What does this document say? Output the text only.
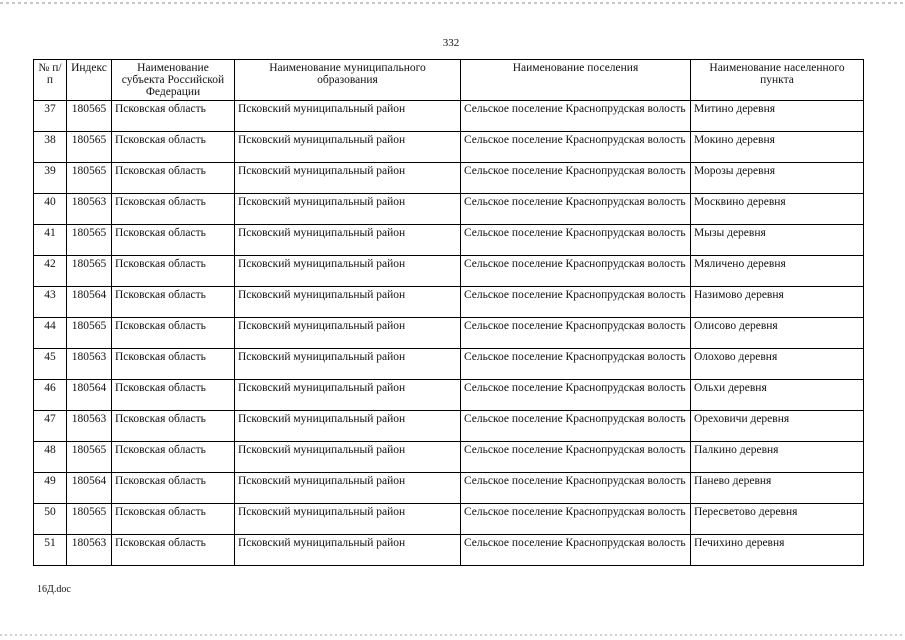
332
№ п/п	Индекс	Наименование субъекта Российской Федерации	Наименование муниципального образования	Наименование поселения	Наименование населенного пункта
37	180565	Псковская область	Псковский муниципальный район	Сельское поселение Краснопрудская волость	Митино деревня
38	180565	Псковская область	Псковский муниципальный район	Сельское поселение Краснопрудская волость	Мокино деревня
39	180565	Псковская область	Псковский муниципальный район	Сельское поселение Краснопрудская волость	Морозы деревня
40	180563	Псковская область	Псковский муниципальный район	Сельское поселение Краснопрудская волость	Москвино деревня
41	180565	Псковская область	Псковский муниципальный район	Сельское поселение Краснопрудская волость	Мызы деревня
42	180565	Псковская область	Псковский муниципальный район	Сельское поселение Краснопрудская волость	Мяличено деревня
43	180564	Псковская область	Псковский муниципальный район	Сельское поселение Краснопрудская волость	Назимово деревня
44	180565	Псковская область	Псковский муниципальный район	Сельское поселение Краснопрудская волость	Олисово деревня
45	180563	Псковская область	Псковский муниципальный район	Сельское поселение Краснопрудская волость	Олохово деревня
46	180564	Псковская область	Псковский муниципальный район	Сельское поселение Краснопрудская волость	Ольхи деревня
47	180563	Псковская область	Псковский муниципальный район	Сельское поселение Краснопрудская волость	Ореховичи деревня
48	180565	Псковская область	Псковский муниципальный район	Сельское поселение Краснопрудская волость	Палкино деревня
49	180564	Псковская область	Псковский муниципальный район	Сельское поселение Краснопрудская волость	Панево деревня
50	180565	Псковская область	Псковский муниципальный район	Сельское поселение Краснопрудская волость	Пересветово деревня
51	180563	Псковская область	Псковский муниципальный район	Сельское поселение Краснопрудская волость	Печихино деревня
16Д.doc
